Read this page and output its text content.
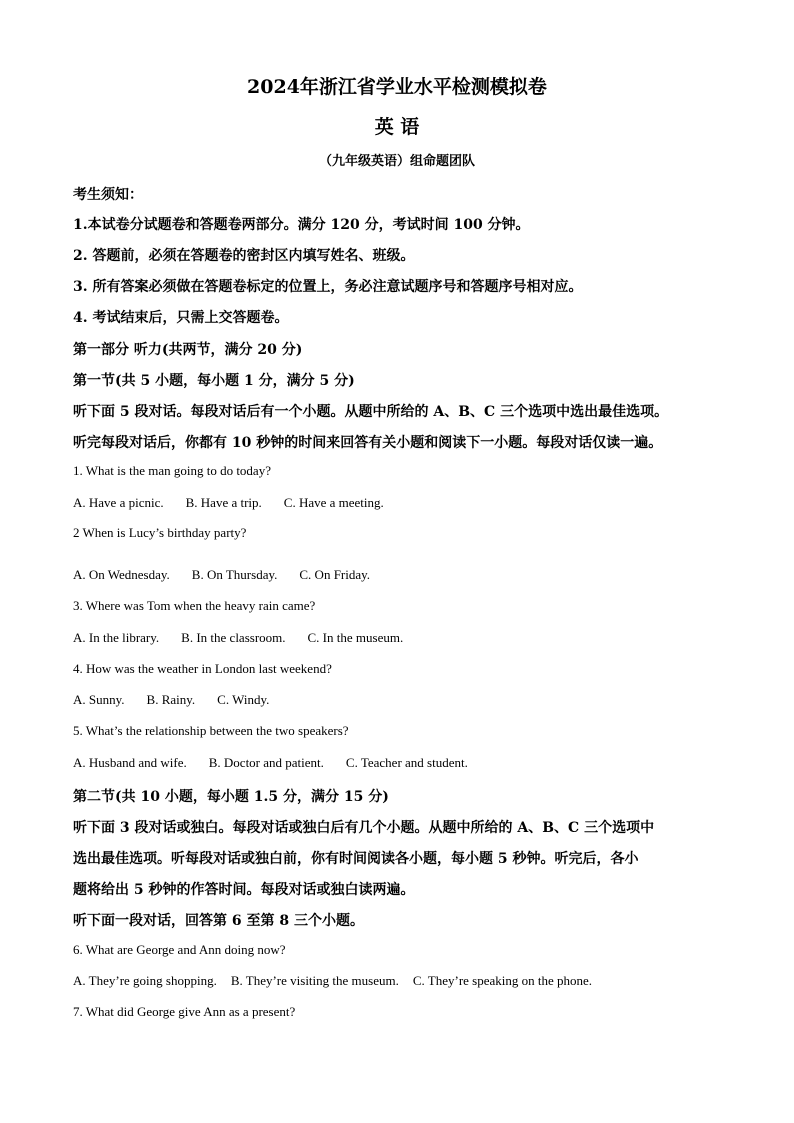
2024年浙江省学业水平检测模拟卷
英 语
（九年级英语）组命题团队
考生须知：
1.本试卷分试题卷和答题卷两部分。满分 120 分，考试时间 100 分钟。
2. 答题前，必须在答题卷的密封区内填写姓名、班级。
3. 所有答案必须做在答题卷标定的位置上，务必注意试题序号和答题序号相对应。
4. 考试结束后，只需上交答题卷。
第一部分 听力(共两节，满分 20 分)
第一节(共 5 小题，每小题 1 分，满分 5 分)
听下面 5 段对话。每段对话后有一个小题。从题中所给的 A、B、C 三个选项中选出最佳选项。
听完每段对话后，你都有 10 秒钟的时间来回答有关小题和阅读下一小题。每段对话仅读一遍。
1. What is the man going to do today?
A. Have a picnic. B. Have a trip. C. Have a meeting.
2 When is Lucy’s birthday party?
A. On Wednesday. B. On Thursday. C. On Friday.
3. Where was Tom when the heavy rain came?
A. In the library. B. In the classroom. C. In the museum.
4. How was the weather in London last weekend?
A. Sunny. B. Rainy. C. Windy.
5. What’s the relationship between the two speakers?
A. Husband and wife. B. Doctor and patient. C. Teacher and student.
第二节(共 10 小题，每小题 1.5 分，满分 15 分)
听下面 3 段对话或独白。每段对话或独白后有几个小题。从题中所给的 A、B、C 三个选项中
选出最佳选项。听每段对话或独白前，你有时间阅读各小题，每小题 5 秒钟。听完后，各小
题将给出 5 秒钟的作答时间。每段对话或独白读两遍。
听下面一段对话，回答第 6 至第 8 三个小题。
6. What are George and Ann doing now?
A. They’re going shopping. B. They’re visiting the museum. C. They’re speaking on the phone.
7. What did George give Ann as a present?
